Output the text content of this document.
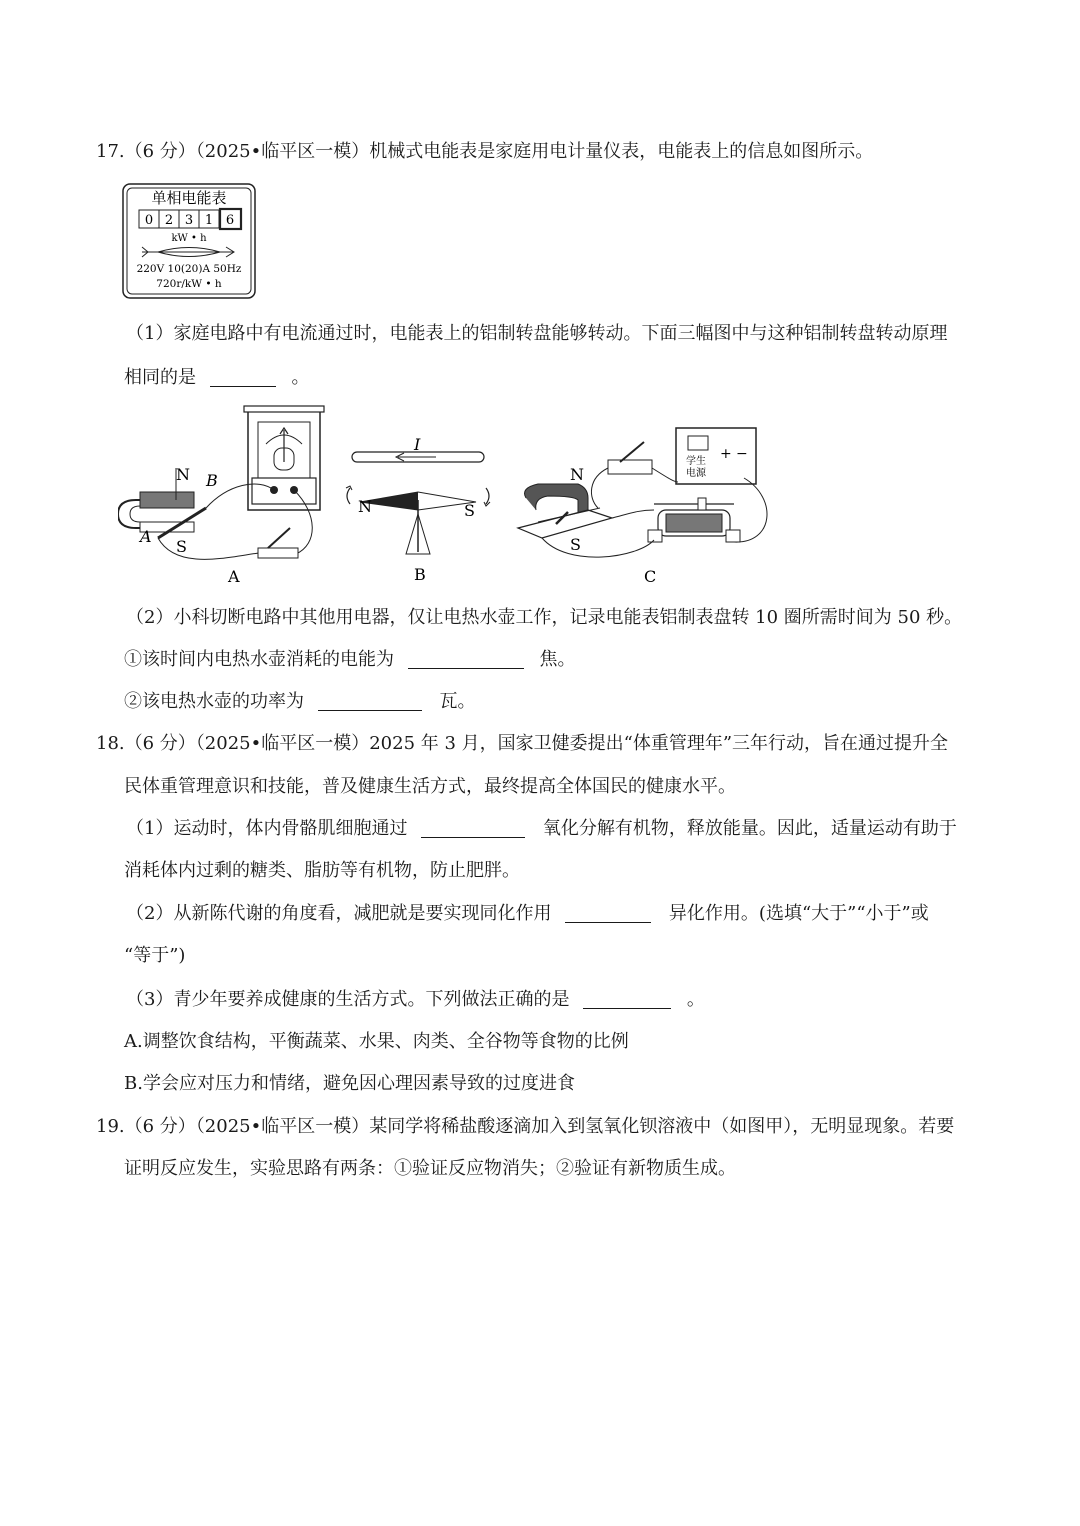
17.（6 分）（2025•临平区一模）机械式电能表是家庭用电计量仪表，电能表上的信息如图所示。
单相电能表
0 2 3 1 6
kW • h
220V 10(20)A 50Hz
720r/kW • h
（1）家庭电路中有电流通过时，电能表上的铝制转盘能够转动。下面三幅图中与这种铝制转盘转动原理
相同的是	。
N B
A
S
A
I
N	S
B
学生
电源
+ −
N
S
C
（2）小科切断电路中其他用电器，仅让电热水壶工作，记录电能表铝制表盘转 10 圈所需时间为 50 秒。
①该时间内电热水壶消耗的电能为	焦。
②该电热水壶的功率为	瓦。
18.（6 分）（2025•临平区一模）2025 年 3 月，国家卫健委提出“体重管理年”三年行动，旨在通过提升全
民体重管理意识和技能，普及健康生活方式，最终提高全体国民的健康水平。
（1）运动时，体内骨骼肌细胞通过	氧化分解有机物，释放能量。因此，适量运动有助于
消耗体内过剩的糖类、脂肪等有机物，防止肥胖。
（2）从新陈代谢的角度看，减肥就是要实现同化作用	异化作用。(选填“大于”“小于”或
“等于”)
（3）青少年要养成健康的生活方式。下列做法正确的是	。
A.调整饮食结构，平衡蔬菜、水果、肉类、全谷物等食物的比例
B.学会应对压力和情绪，避免因心理因素导致的过度进食
19.（6 分）（2025•临平区一模）某同学将稀盐酸逐滴加入到氢氧化钡溶液中（如图甲），无明显现象。若要
证明反应发生，实验思路有两条：①验证反应物消失；②验证有新物质生成。
